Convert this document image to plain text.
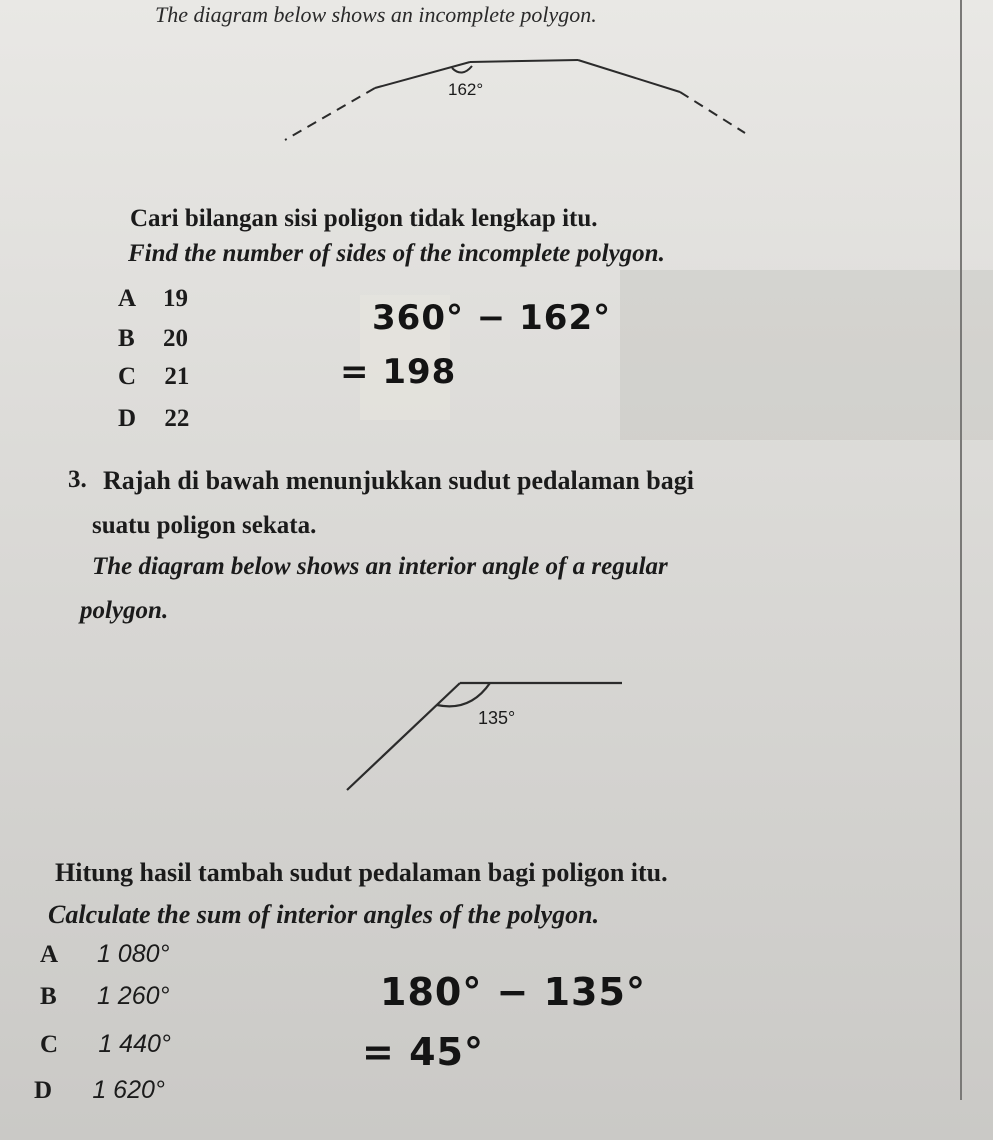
The diagram below shows an incomplete polygon.
162°
Cari bilangan sisi poligon tidak lengkap itu.
Find the number of sides of the incomplete polygon.
A 19
B 20
C 21
D 22
360° − 162°
= 198
3. Rajah di bawah menunjukkan sudut pedalaman bagi
suatu poligon sekata.
The diagram below shows an interior angle of a regular
polygon.
135°
Hitung hasil tambah sudut pedalaman bagi poligon itu.
Calculate the sum of interior angles of the polygon.
A 1 080°
B 1 260°
C 1 440°
D 1 620°
180° − 135°
= 45°
